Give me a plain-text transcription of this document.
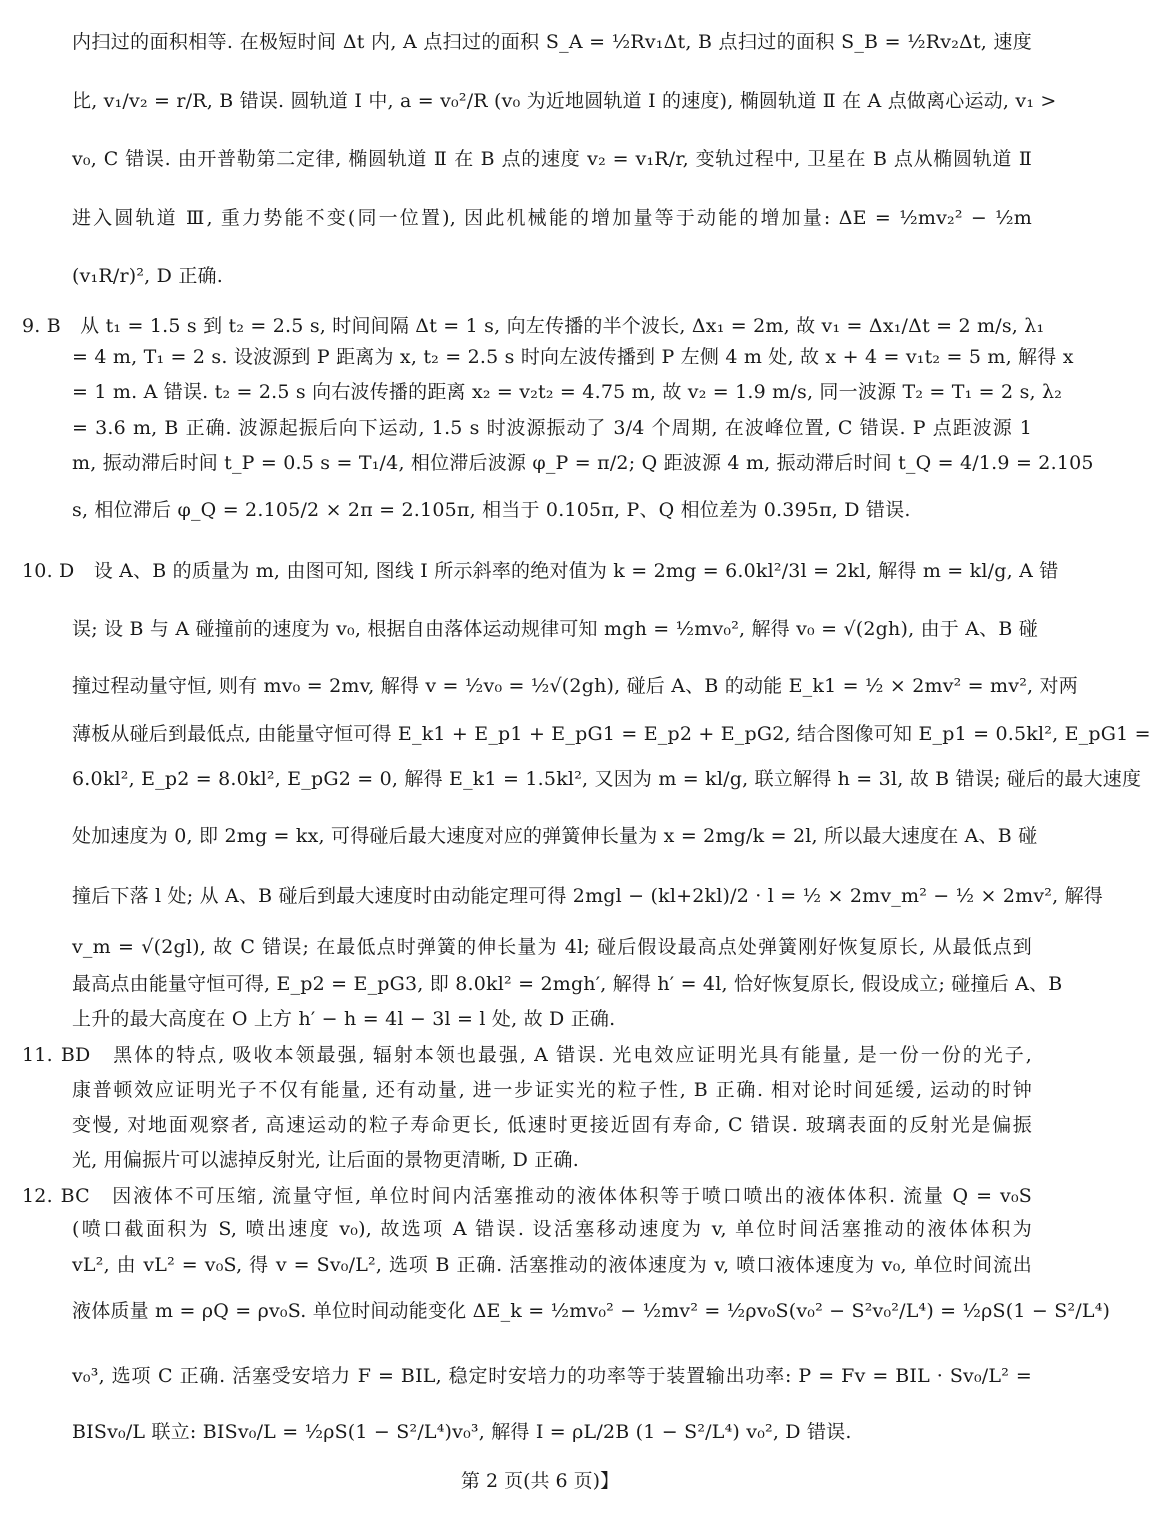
内扫过的面积相等. 在极短时间 Δt 内, A 点扫过的面积 S_A = ½Rv₁Δt, B 点扫过的面积 S_B = ½Rv₂Δt, 速度
比, v₁/v₂ = r/R, B 错误. 圆轨道 Ⅰ 中, a = v₀²/R (v₀ 为近地圆轨道 Ⅰ 的速度), 椭圆轨道 Ⅱ 在 A 点做离心运动, v₁ >
v₀, C 错误. 由开普勒第二定律, 椭圆轨道 Ⅱ 在 B 点的速度 v₂ = v₁R/r, 变轨过程中, 卫星在 B 点从椭圆轨道 Ⅱ
进入圆轨道 Ⅲ, 重力势能不变(同一位置), 因此机械能的增加量等于动能的增加量: ΔE = ½mv₂² − ½m
(v₁R/r)², D 正确.
9. B　从 t₁ = 1.5 s 到 t₂ = 2.5 s, 时间间隔 Δt = 1 s, 向左传播的半个波长, Δx₁ = 2m, 故 v₁ = Δx₁/Δt = 2 m/s, λ₁
= 4 m, T₁ = 2 s. 设波源到 P 距离为 x, t₂ = 2.5 s 时向左波传播到 P 左侧 4 m 处, 故 x + 4 = v₁t₂ = 5 m, 解得 x
= 1 m. A 错误. t₂ = 2.5 s 向右波传播的距离 x₂ = v₂t₂ = 4.75 m, 故 v₂ = 1.9 m/s, 同一波源 T₂ = T₁ = 2 s, λ₂
= 3.6 m, B 正确. 波源起振后向下运动, 1.5 s 时波源振动了 3/4 个周期, 在波峰位置, C 错误. P 点距波源 1
m, 振动滞后时间 t_P = 0.5 s = T₁/4, 相位滞后波源 φ_P = π/2; Q 距波源 4 m, 振动滞后时间 t_Q = 4/1.9 = 2.105
s, 相位滞后 φ_Q = 2.105/2 × 2π = 2.105π, 相当于 0.105π, P、Q 相位差为 0.395π, D 错误.
10. D　设 A、B 的质量为 m, 由图可知, 图线 I 所示斜率的绝对值为 k = 2mg = 6.0kl²/3l = 2kl, 解得 m = kl/g, A 错
误; 设 B 与 A 碰撞前的速度为 v₀, 根据自由落体运动规律可知 mgh = ½mv₀², 解得 v₀ = √(2gh), 由于 A、B 碰
撞过程动量守恒, 则有 mv₀ = 2mv, 解得 v = ½v₀ = ½√(2gh), 碰后 A、B 的动能 E_k1 = ½ × 2mv² = mv², 对两
薄板从碰后到最低点, 由能量守恒可得 E_k1 + E_p1 + E_pG1 = E_p2 + E_pG2, 结合图像可知 E_p1 = 0.5kl², E_pG1 =
6.0kl², E_p2 = 8.0kl², E_pG2 = 0, 解得 E_k1 = 1.5kl², 又因为 m = kl/g, 联立解得 h = 3l, 故 B 错误; 碰后的最大速度
处加速度为 0, 即 2mg = kx, 可得碰后最大速度对应的弹簧伸长量为 x = 2mg/k = 2l, 所以最大速度在 A、B 碰
撞后下落 l 处; 从 A、B 碰后到最大速度时由动能定理可得 2mgl − (kl+2kl)/2 · l = ½ × 2mv_m² − ½ × 2mv², 解得
v_m = √(2gl), 故 C 错误; 在最低点时弹簧的伸长量为 4l; 碰后假设最高点处弹簧刚好恢复原长, 从最低点到
最高点由能量守恒可得, E_p2 = E_pG3, 即 8.0kl² = 2mgh′, 解得 h′ = 4l, 恰好恢复原长, 假设成立; 碰撞后 A、B
上升的最大高度在 O 上方 h′ − h = 4l − 3l = l 处, 故 D 正确.
11. BD　黑体的特点, 吸收本领最强, 辐射本领也最强, A 错误. 光电效应证明光具有能量, 是一份一份的光子,
康普顿效应证明光子不仅有能量, 还有动量, 进一步证实光的粒子性, B 正确. 相对论时间延缓, 运动的时钟
变慢, 对地面观察者, 高速运动的粒子寿命更长, 低速时更接近固有寿命, C 错误. 玻璃表面的反射光是偏振
光, 用偏振片可以滤掉反射光, 让后面的景物更清晰, D 正确.
12. BC　因液体不可压缩, 流量守恒, 单位时间内活塞推动的液体体积等于喷口喷出的液体体积. 流量 Q = v₀S
(喷口截面积为 S, 喷出速度 v₀), 故选项 A 错误. 设活塞移动速度为 v, 单位时间活塞推动的液体体积为
vL², 由 vL² = v₀S, 得 v = Sv₀/L², 选项 B 正确. 活塞推动的液体速度为 v, 喷口液体速度为 v₀, 单位时间流出
液体质量 m = ρQ = ρv₀S. 单位时间动能变化 ΔE_k = ½mv₀² − ½mv² = ½ρv₀S(v₀² − S²v₀²/L⁴) = ½ρS(1 − S²/L⁴)
v₀³, 选项 C 正确. 活塞受安培力 F = BIL, 稳定时安培力的功率等于装置输出功率: P = Fv = BIL · Sv₀/L² =
BISv₀/L 联立: BISv₀/L = ½ρS(1 − S²/L⁴)v₀³, 解得 I = ρL/2B (1 − S²/L⁴) v₀², D 错误.
第 2 页(共 6 页)】
